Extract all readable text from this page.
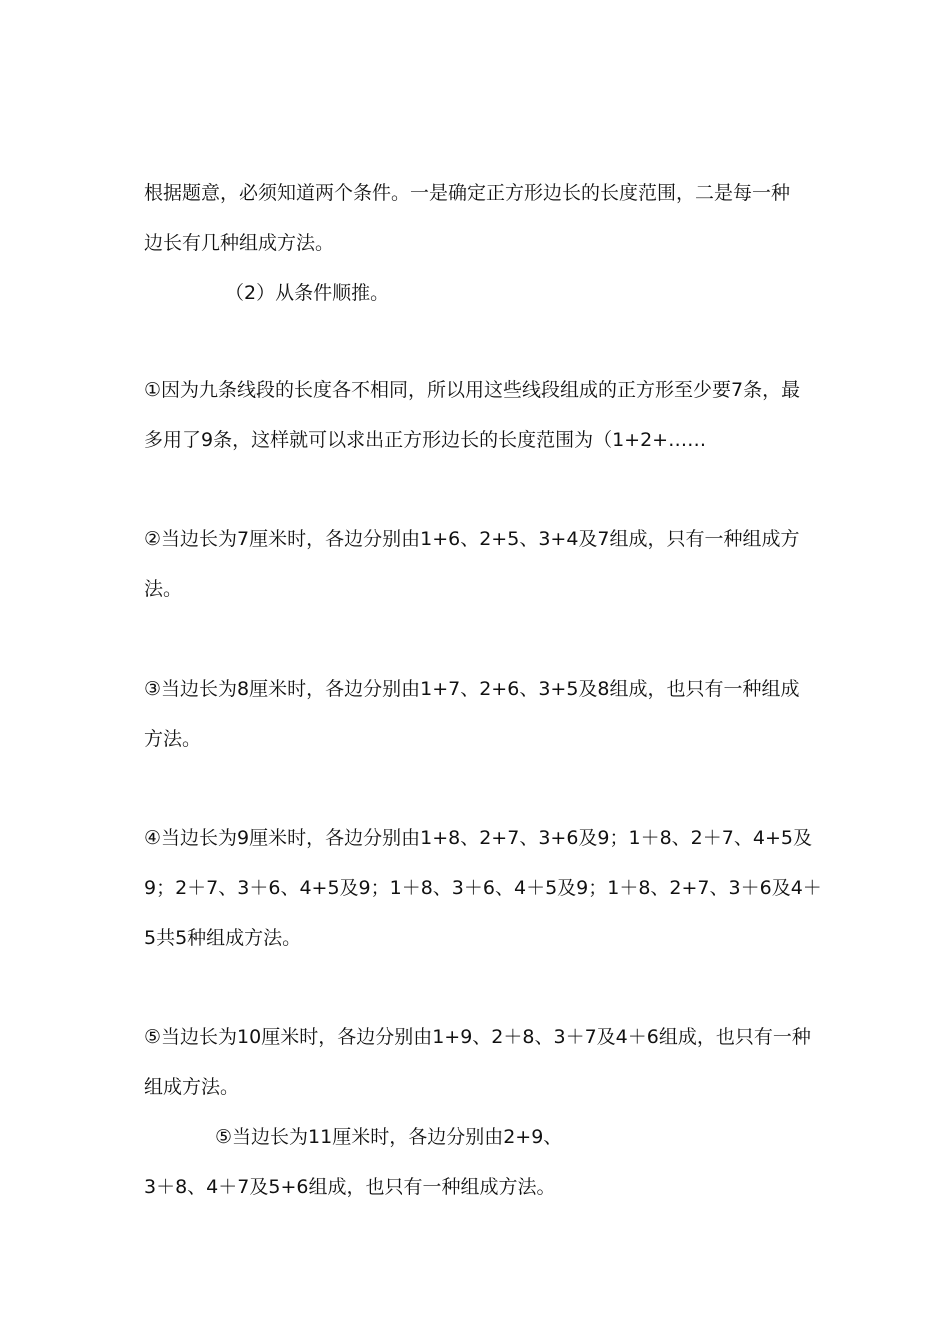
根据题意，必须知道两个条件。一是确定正方形边长的长度范围，二是每一种
边长有几种组成方法。
（2）从条件顺推。
①因为九条线段的长度各不相同，所以用这些线段组成的正方形至少要7条，最
多用了9条，这样就可以求出正方形边长的长度范围为（1+2+……
②当边长为7厘米时，各边分别由1+6、2+5、3+4及7组成，只有一种组成方
法。
③当边长为8厘米时，各边分别由1+7、2+6、3+5及8组成，也只有一种组成
方法。
④当边长为9厘米时，各边分别由1+8、2+7、3+6及9；1＋8、2＋7、4+5及
9；2＋7、3＋6、4+5及9；1＋8、3＋6、4＋5及9；1＋8、2+7、3＋6及4＋
5共5种组成方法。
⑤当边长为10厘米时，各边分别由1+9、2＋8、3＋7及4＋6组成，也只有一种
组成方法。
⑤当边长为11厘米时，各边分别由2+9、
3＋8、4＋7及5+6组成，也只有一种组成方法。
